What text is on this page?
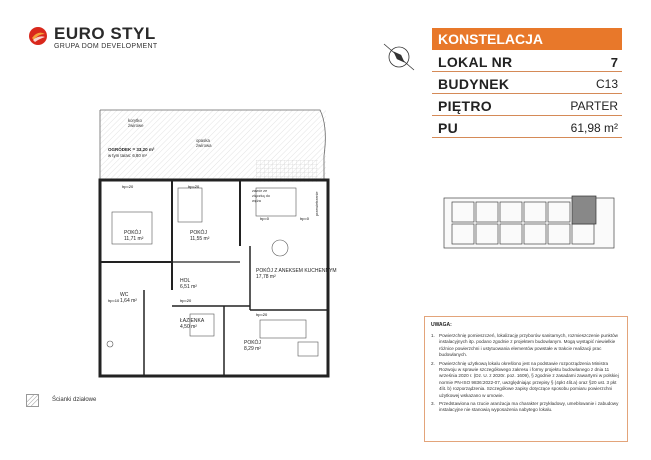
EURO STYL
GRUPA DOM DEVELOPMENT	KONSTELACJA
LOKAL NR	7
BUDYNEK	C13
PIĘTRO	PARTER
PU	61,98 m²
korytko
żwirowe
opaska
żwirowa
OGRÓDEK = 33,20 m²
w tym taras: 6,80 m²
zawór ze
złączką do
węża	przewietrzenie
hp=20	hp=20
hp=0	hp=0
hp=20
hp=10
hp=20
POKÓJ
11,71 m²
POKÓJ
11,55 m²
POKÓJ Z ANEKSEM KUCHENNYM
17,78 m²
HOL
6,51 m²
WC
1,64 m²
ŁAZIENKA
4,50 m²
POKÓJ
8,29 m²
UWAGA:
1. Powierzchnię pomieszczeń, lokalizację przyborów sanitarnych, rozmieszczenie punktów instalacyjnych itp. podano zgodnie z projektem budowlanym. Mogą wystąpić niewielkie różnice powierzchni i ustytuowania elementów powstałe w trakcie realizacji prac budowlanych.
2. Powierzchnię użytkową lokalu określono jest na podstawie rozporządzenia Ministra Rozwoju w sprawie szczegółowego zakresu i formy projektu budowlanego z dnia 11 września 2020 r. (Dz. U. z 2020r. poz. 1609), § zgodnie z zasadami zawartymi w polskiej normie PN-ISO 9836:2022-07, uwzględniając przepisy § (4pkt 4lit.a) oraz §20 ust. 3 pkt 4lit. b) rozporządzenia. Szczegółowe zapisy dotyczące sposobu pomiaru powierzchni użytkowej wskazano w umowie.
3. Przedstawiona na rzucie aranżacja ma charakter przykładowy, umeblowanie i zabudowy instalacyjne nie stanowią wyposażenia nabytego lokalu.
Ścianki działowe
